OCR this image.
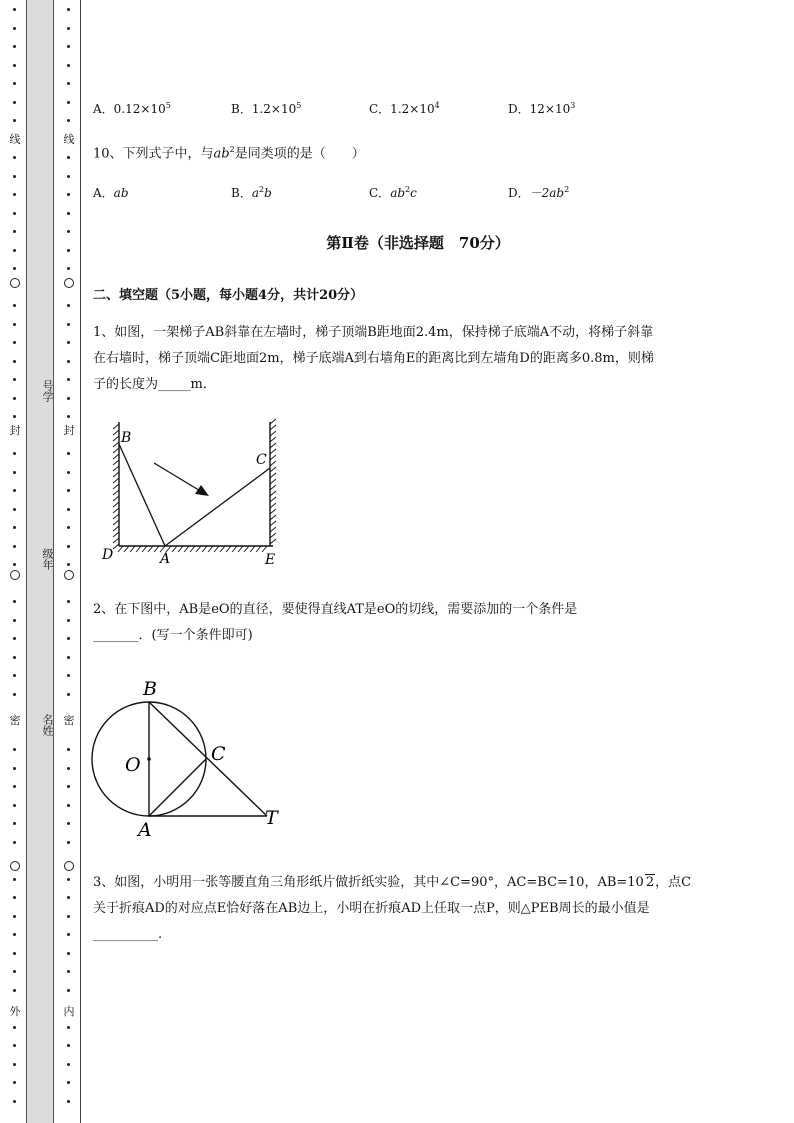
线
封
密
外
号学
级年
名姓
线
封
密
内
A．$0.12\times 10^5$	B．$1.2\times 10^5$	C．$1.2\times 10^4$	D．$12\times 10^3$
10、下列式子中，与$ab^2$是同类项的是（　　）
A．ab	B．$a^2b$	C．$ab^2c$	D．$-2ab^2$
第Ⅱ卷（非选择题　70分）
二、填空题（5小题，每小题4分，共计20分）
1、如图，一架梯子AB斜靠在左墙时，梯子顶端B距地面2.4m，保持梯子底端A不动，将梯子斜靠
在右墙时，梯子顶端C距地面2m，梯子底端A到右墙角E的距离比到左墙角D的距离多0.8m，则梯
子的长度为_____m．
B
C
D	A	E
2、在下图中，AB是eO的直径，要使得直线AT是eO的切线，需要添加的一个条件是
_______．(写一个条件即可)
B
O	C
A
T
3、如图，小明用一张等腰直角三角形纸片做折纸实验，其中∠C=90°，AC=BC=10，AB=10 2，点C
关于折痕AD的对应点E恰好落在AB边上，小明在折痕AD上任取一点P，则△PEB周长的最小值是
__________.
